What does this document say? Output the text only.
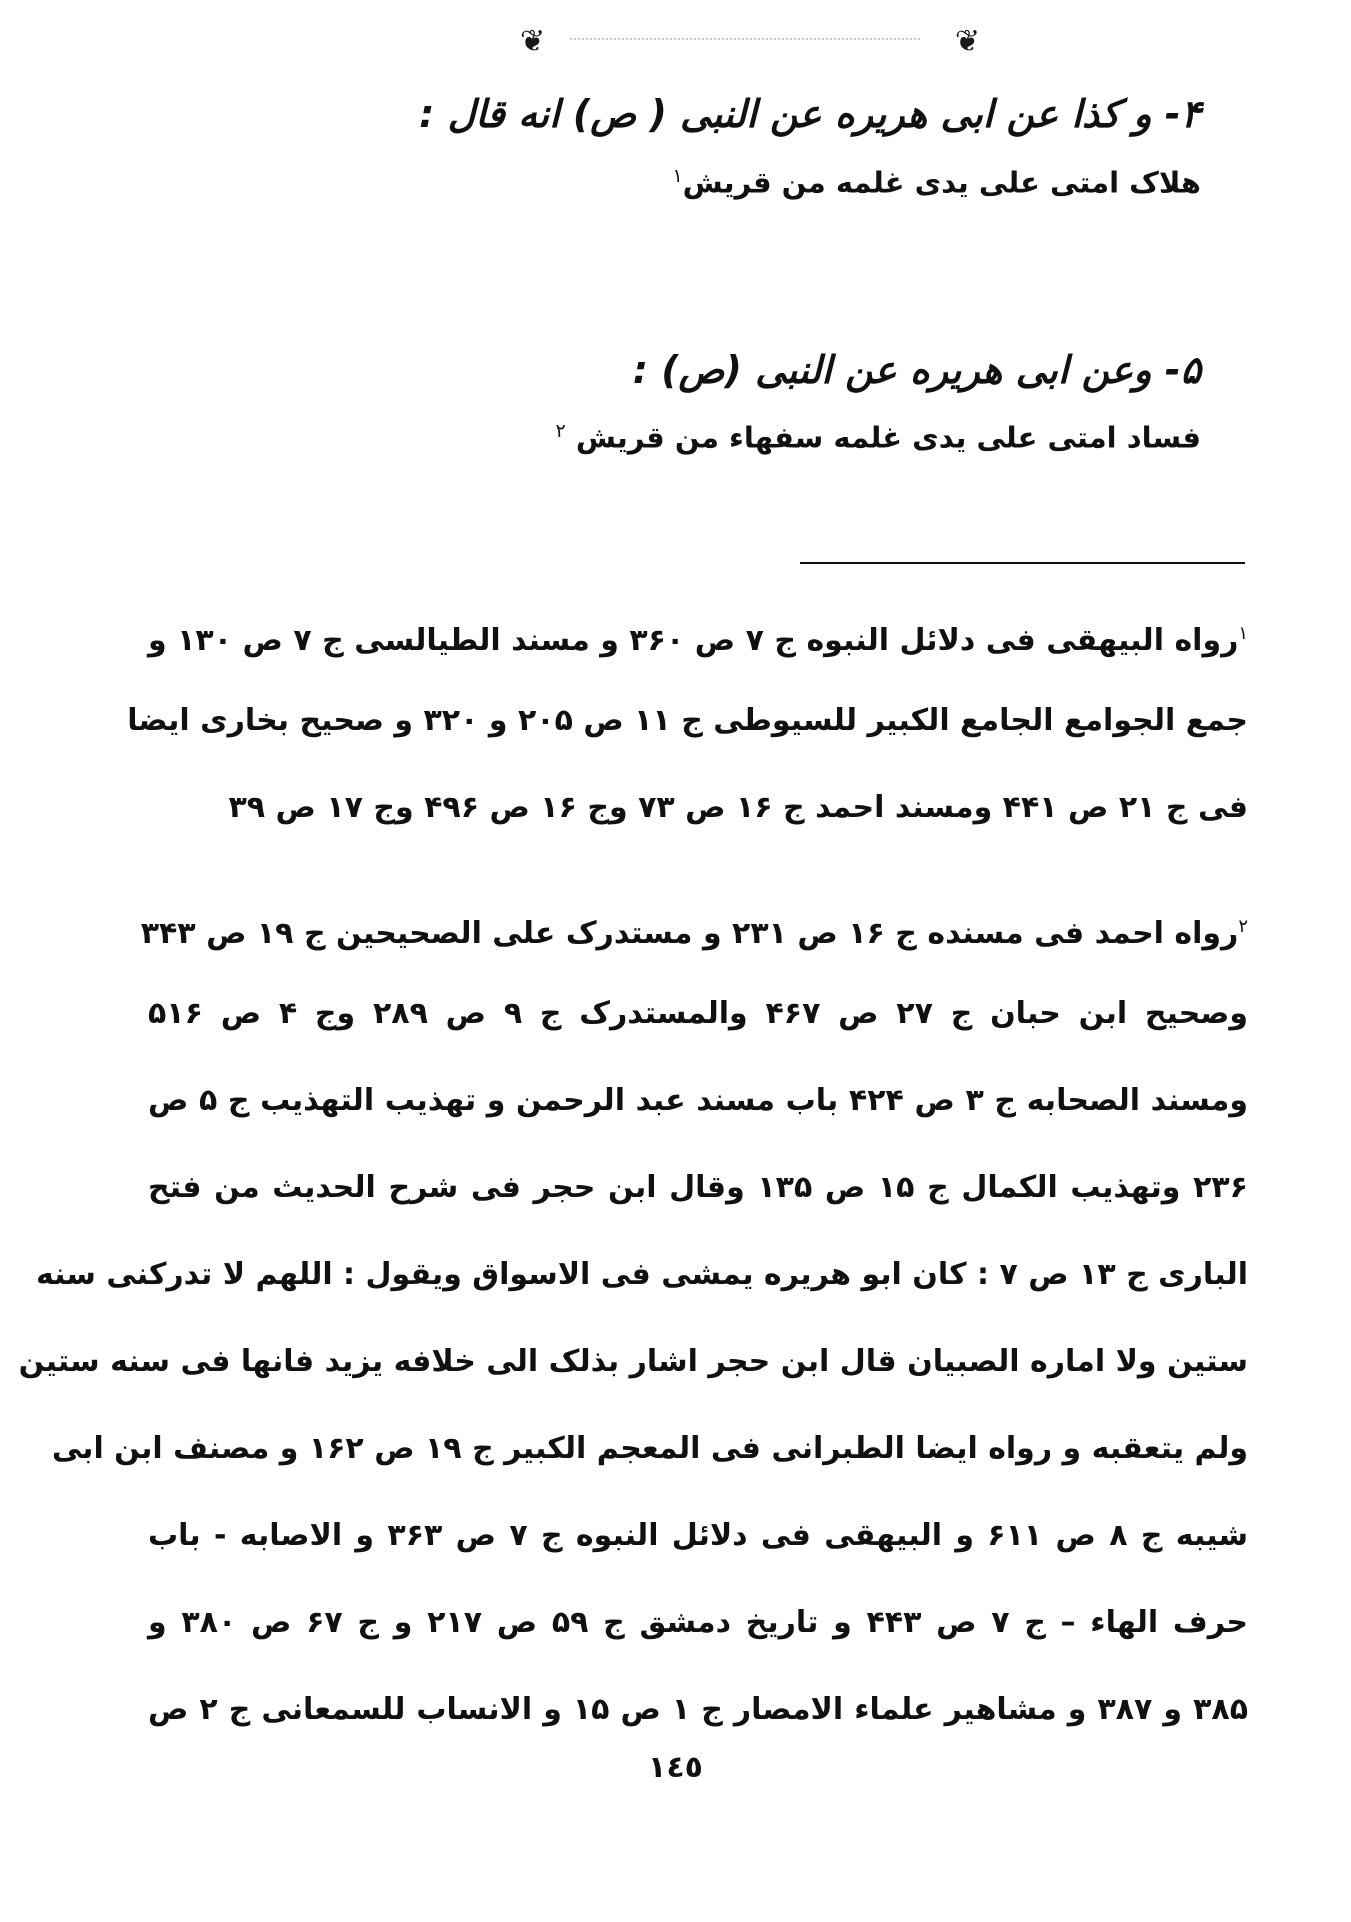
❦	❦
۴- و کذا عن ابی هریره عن النبی ( ص) انه قال :
هلاک امتی علی یدی غلمه من قریش$^۱$
۵- وعن ابی هریره عن النبی (ص) :
فساد امتی علی یدی غلمه سفهاء من قریش $^۲$
$^۱$رواه البیهقی فی دلائل النبوه ج ۷ ص ۳۶۰ و مسند الطیالسی ج ۷ ص ۱۳۰ و
جمع الجوامع الجامع الکبیر للسیوطی ج ۱۱ ص ۲۰۵ و ۳۲۰ و صحیح بخاری ایضا
فی ج ۲۱ ص ۴۴۱ ومسند احمد ج ۱۶ ص ۷۳ وج ۱۶ ص ۴۹۶ وج ۱۷ ص ۳۹
$^۲$رواه احمد فی مسنده ج ۱۶ ص ۲۳۱ و مستدرک علی الصحیحین ج ۱۹ ص ۳۴۳
وصحیح ابن حبان ج ۲۷ ص ۴۶۷ والمستدرک ج ۹ ص ۲۸۹ وج ۴ ص ۵۱۶
ومسند الصحابه ج ۳ ص ۴۲۴ باب مسند عبد الرحمن و تهذیب التهذیب ج ۵ ص
۲۳۶ وتهذیب الکمال ج ۱۵ ص ۱۳۵ وقال ابن حجر فی شرح الحدیث من فتح
الباری ج ۱۳ ص ۷ : کان ابو هریره یمشی فی الاسواق ویقول : اللهم لا تدرکنی سنه
ستین ولا اماره الصبیان قال ابن حجر اشار بذلک الی خلافه یزید فانها فی سنه ستین
ولم یتعقبه و رواه ایضا الطبرانی فی المعجم الکبیر ج ۱۹ ص ۱۶۲ و مصنف ابن ابی
شیبه ج ۸ ص ۶۱۱ و البیهقی فی دلائل النبوه ج ۷ ص ۳۶۳ و الاصابه - باب
حرف الهاء – ج ۷ ص ۴۴۳ و تاریخ دمشق ج ۵۹ ص ۲۱۷ و ج ۶۷ ص ۳۸۰ و
۳۸۵ و ۳۸۷ و مشاهیر علماء الامصار ج ۱ ص ۱۵ و الانساب للسمعانی ج ۲ ص
١٤٥
